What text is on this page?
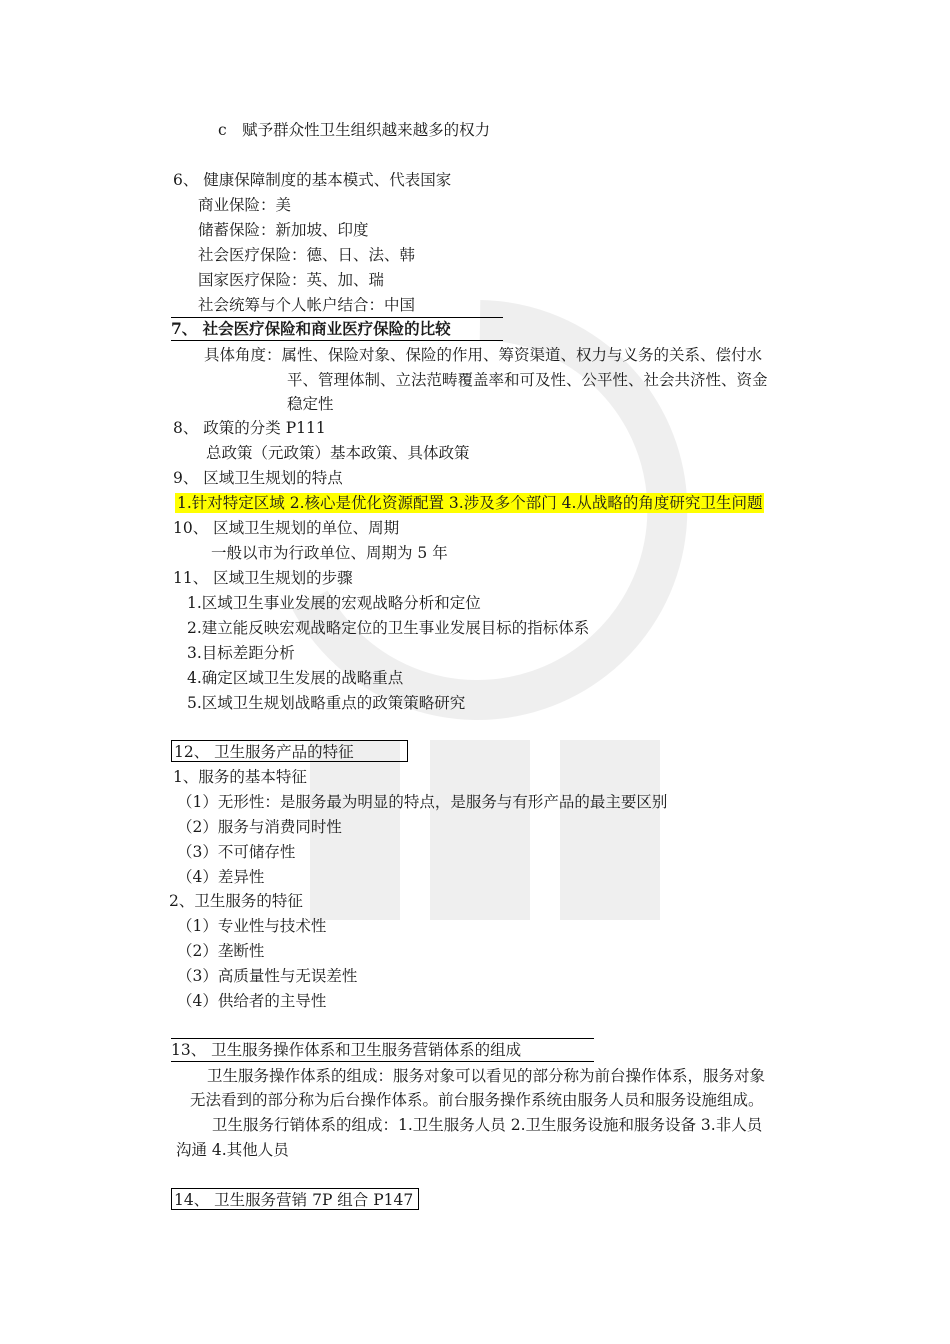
c　赋予群众性卫生组织越来越多的权力
6、 健康保障制度的基本模式、代表国家
商业保险：美
储蓄保险：新加坡、印度
社会医疗保险：德、日、法、韩
国家医疗保险：英、加、瑞
社会统筹与个人帐户结合：中国
7、 社会医疗保险和商业医疗保险的比较
具体角度：属性、保险对象、保险的作用、筹资渠道、权力与义务的关系、偿付水
平、管理体制、立法范畴覆盖率和可及性、公平性、社会共济性、资金
稳定性
8、 政策的分类 P111
总政策（元政策）基本政策、具体政策
9、 区域卫生规划的特点
1.针对特定区域 2.核心是优化资源配置 3.涉及多个部门 4.从战略的角度研究卫生问题
10、 区域卫生规划的单位、周期
一般以市为行政单位、周期为 5 年
11、 区域卫生规划的步骤
1.区域卫生事业发展的宏观战略分析和定位
2.建立能反映宏观战略定位的卫生事业发展目标的指标体系
3.目标差距分析
4.确定区域卫生发展的战略重点
5.区域卫生规划战略重点的政策策略研究
12、 卫生服务产品的特征
1、服务的基本特征
（1）无形性：是服务最为明显的特点，是服务与有形产品的最主要区别
（2）服务与消费同时性
（3）不可储存性
（4）差异性
2、卫生服务的特征
（1）专业性与技术性
（2）垄断性
（3）高质量性与无误差性
（4）供给者的主导性
13、 卫生服务操作体系和卫生服务营销体系的组成
卫生服务操作体系的组成：服务对象可以看见的部分称为前台操作体系，服务对象
无法看到的部分称为后台操作体系。前台服务操作系统由服务人员和服务设施组成。
卫生服务行销体系的组成：1.卫生服务人员 2.卫生服务设施和服务设备 3.非人员
沟通 4.其他人员
14、 卫生服务营销 7P 组合 P147
